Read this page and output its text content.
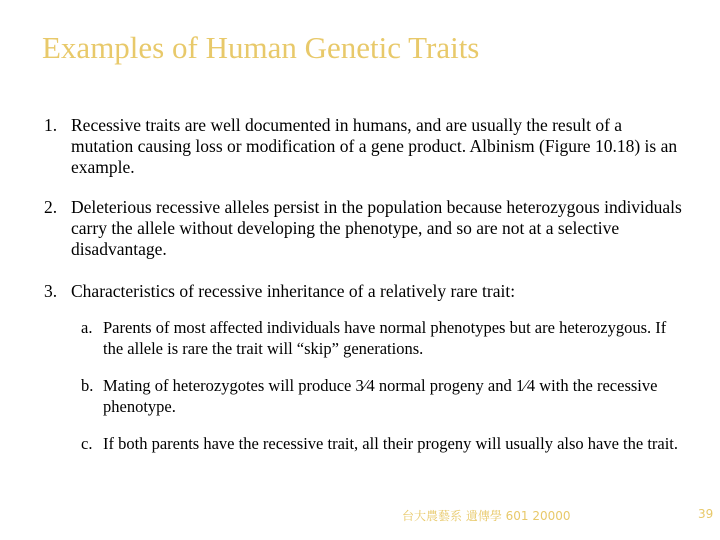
Examples of Human Genetic Traits
1. Recessive traits are well documented in humans, and are usually the result of a mutation causing loss or modification of a gene product. Albinism (Figure 10.18) is an example.
2. Deleterious recessive alleles persist in the population because heterozygous individuals carry the allele without developing the phenotype, and so are not at a selective disadvantage.
3. Characteristics of recessive inheritance of a relatively rare trait:
a. Parents of most affected individuals have normal phenotypes but are heterozygous. If the allele is rare the trait will “skip” generations.
b. Mating of heterozygotes will produce 3⁄4 normal progeny and 1⁄4 with the recessive phenotype.
c. If both parents have the recessive trait, all their progeny will usually also have the trait.
台大農藝系 遺傳學 601 20000	39
